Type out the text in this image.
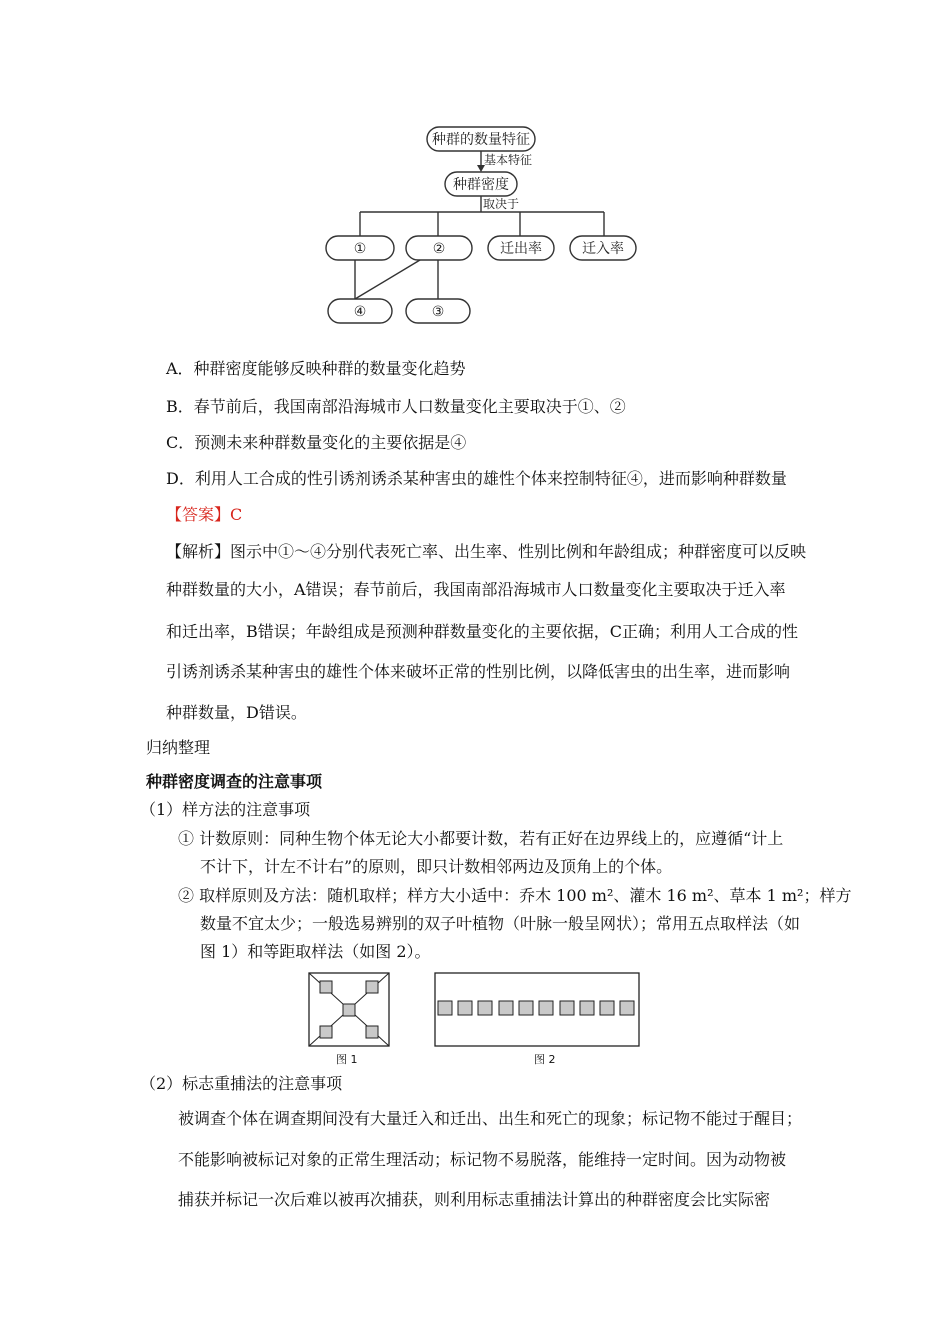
种群的数量特征
种群密度
①	②	迁出率	迁入率
④	③
基本特征
取决于
A．种群密度能够反映种群的数量变化趋势
B．春节前后，我国南部沿海城市人口数量变化主要取决于①、②
C．预测未来种群数量变化的主要依据是④
D．利用人工合成的性引诱剂诱杀某种害虫的雄性个体来控制特征④，进而影响种群数量
【答案】C
【解析】图示中①～④分别代表死亡率、出生率、性别比例和年龄组成；种群密度可以反映
种群数量的大小，A错误；春节前后，我国南部沿海城市人口数量变化主要取决于迁入率
和迁出率，B错误；年龄组成是预测种群数量变化的主要依据，C正确；利用人工合成的性
引诱剂诱杀某种害虫的雄性个体来破坏正常的性别比例，以降低害虫的出生率，进而影响
种群数量，D错误。
归纳整理
种群密度调查的注意事项
（1）样方法的注意事项
① 计数原则：同种生物个体无论大小都要计数，若有正好在边界线上的，应遵循“计上
不计下，计左不计右”的原则，即只计数相邻两边及顶角上的个体。
② 取样原则及方法：随机取样；样方大小适中：乔木 100 m²、灌木 16 m²、草本 1 m²；样方
数量不宜太少；一般选易辨别的双子叶植物（叶脉一般呈网状）；常用五点取样法（如
图 1）和等距取样法（如图 2）。
图 1	图 2
（2）标志重捕法的注意事项
被调查个体在调查期间没有大量迁入和迁出、出生和死亡的现象；标记物不能过于醒目；
不能影响被标记对象的正常生理活动；标记物不易脱落，能维持一定时间。因为动物被
捕获并标记一次后难以被再次捕获，则利用标志重捕法计算出的种群密度会比实际密
